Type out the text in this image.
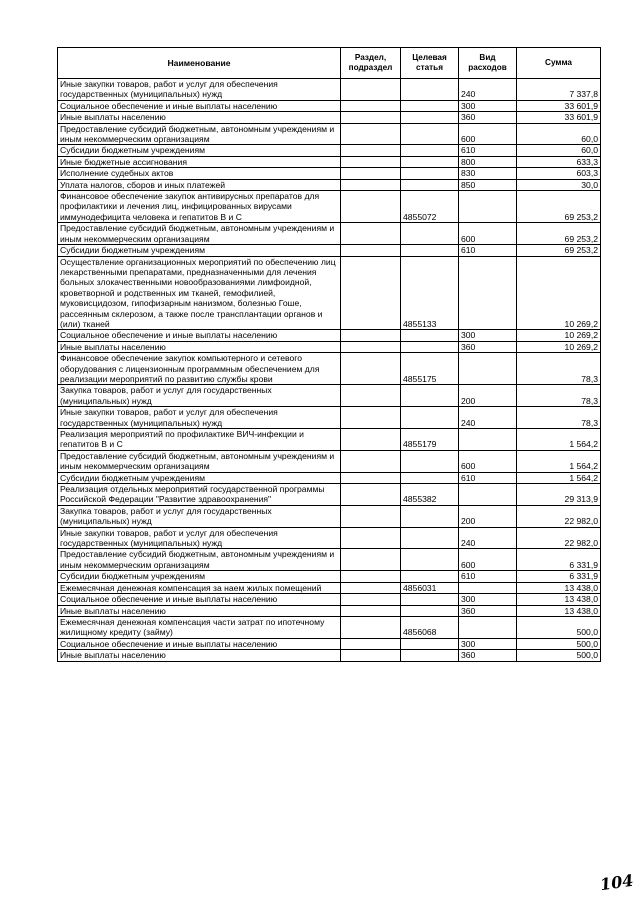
Наименование	Раздел, подраздел	Целевая статья	Вид расходов	Сумма
Иные закупки товаров, работ и услуг для обеспечения государственных (муниципальных) нужд			240	7 337,8
Социальное обеспечение и иные выплаты населению			300	33 601,9
Иные выплаты населению			360	33 601,9
Предоставление субсидий бюджетным, автономным учреждениям и иным некоммерческим организациям			600	60,0
Субсидии бюджетным учреждениям			610	60,0
Иные бюджетные ассигнования			800	633,3
Исполнение судебных актов			830	603,3
Уплата налогов, сборов и иных платежей			850	30,0
Финансовое обеспечение закупок антивирусных препаратов для профилактики и лечения лиц, инфицированных вирусами иммунодефицита человека и гепатитов В и С		4855072		69 253,2
Предоставление субсидий бюджетным, автономным учреждениям и иным некоммерческим организациям			600	69 253,2
Субсидии бюджетным учреждениям			610	69 253,2
Осуществление организационных мероприятий по обеспечению лиц лекарственными препаратами, предназначенными для лечения больных злокачественными новообразованиями лимфоидной, кроветворной и родственных им тканей, гемофилией, муковисцидозом, гипофизарным нанизмом, болезнью Гоше, рассеянным склерозом, а также после трансплантации органов и (или) тканей		4855133		10 269,2
Социальное обеспечение и иные выплаты населению			300	10 269,2
Иные выплаты населению			360	10 269,2
Финансовое обеспечение закупок компьютерного и сетевого оборудования с лицензионным программным обеспечением для реализации мероприятий по развитию службы крови		4855175		78,3
Закупка товаров, работ и услуг для государственных (муниципальных) нужд			200	78,3
Иные закупки товаров, работ и услуг для обеспечения государственных (муниципальных) нужд			240	78,3
Реализация мероприятий по профилактике ВИЧ-инфекции и гепатитов В и С		4855179		1 564,2
Предоставление субсидий бюджетным, автономным учреждениям и иным некоммерческим организациям			600	1 564,2
Субсидии бюджетным учреждениям			610	1 564,2
Реализация отдельных мероприятий государственной программы Российской Федерации "Развитие здравоохранения"		4855382		29 313,9
Закупка товаров, работ и услуг для государственных (муниципальных) нужд			200	22 982,0
Иные закупки товаров, работ и услуг для обеспечения государственных (муниципальных) нужд			240	22 982,0
Предоставление субсидий бюджетным, автономным учреждениям и иным некоммерческим организациям			600	6 331,9
Субсидии бюджетным учреждениям			610	6 331,9
Ежемесячная денежная компенсация за наем жилых помещений		4856031		13 438,0
Социальное обеспечение и иные выплаты населению			300	13 438,0
Иные выплаты населению			360	13 438,0
Ежемесячная денежная компенсация части затрат по ипотечному жилищному кредиту (займу)		4856068		500,0
Социальное обеспечение и иные выплаты населению			300	500,0
Иные выплаты населению			360	500,0
104
